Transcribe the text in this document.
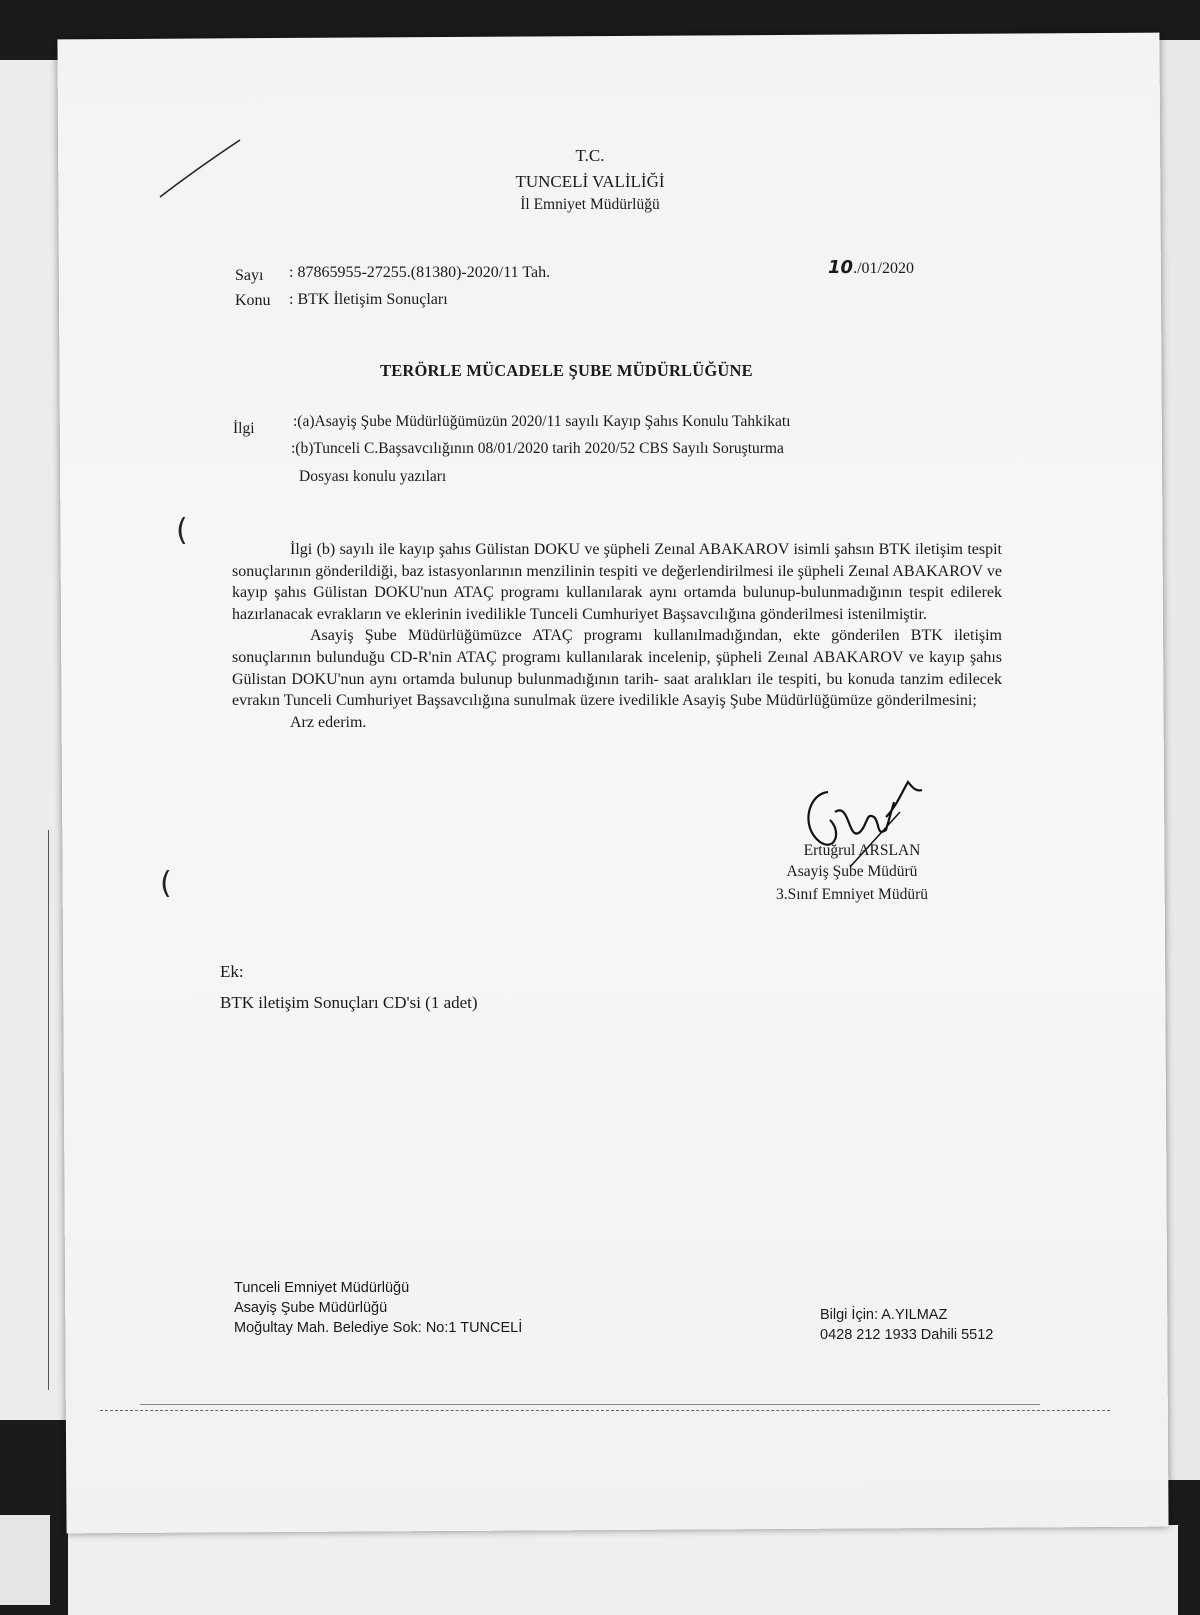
T.C.
TUNCELİ VALİLİĞİ
İl Emniyet Müdürlüğü
Sayı : 87865955-27255.(81380)-2020/11 Tah.
Konu : BTK İletişim Sonuçları
10./01/2020
TERÖRLE MÜCADELE ŞUBE MÜDÜRLÜĞÜNE
İlgi :(a)Asayiş Şube Müdürlüğümüzün 2020/11 sayılı Kayıp Şahıs Konulu Tahkikatı
:(b)Tunceli C.Başsavcılığının 08/01/2020 tarih 2020/52 CBS Sayılı Soruşturma
Dosyası konulu yazıları
(
(

İlgi (b) sayılı ile kayıp şahıs Gülistan DOKU ve şüpheli Zeınal ABAKAROV isimli şahsın BTK iletişim tespit sonuçlarının gönderildiği, baz istasyonlarının menzilinin tespiti ve değerlendirilmesi ile şüpheli Zeınal ABAKAROV ve kayıp şahıs Gülistan DOKU'nun ATAÇ programı kullanılarak aynı ortamda bulunup-bulunmadığının tespit edilerek hazırlanacak evrakların ve eklerinin ivedilikle Tunceli Cumhuriyet Başsavcılığına gönderilmesi istenilmiştir.

Asayiş Şube Müdürlüğümüzce ATAÇ programı kullanılmadığından, ekte gönderilen BTK iletişim sonuçlarının bulunduğu CD-R'nin ATAÇ programı kullanılarak incelenip, şüpheli Zeınal ABAKAROV ve kayıp şahıs Gülistan DOKU'nun aynı ortamda bulunup bulunmadığının tarih- saat aralıkları ile tespiti, bu konuda tanzim edilecek evrakın Tunceli Cumhuriyet Başsavcılığına sunulmak üzere ivedilikle Asayiş Şube Müdürlüğümüze gönderilmesini;

Arz ederim.

Ertuğrul ARSLAN
Asayiş Şube Müdürü
3.Sınıf Emniyet Müdürü
Ek:
BTK iletişim Sonuçları CD'si (1 adet)
Tunceli Emniyet Müdürlüğü
Asayiş Şube Müdürlüğü
Moğultay Mah. Belediye Sok: No:1 TUNCELİ
Bilgi İçin: A.YILMAZ
0428 212 1933 Dahili 5512
